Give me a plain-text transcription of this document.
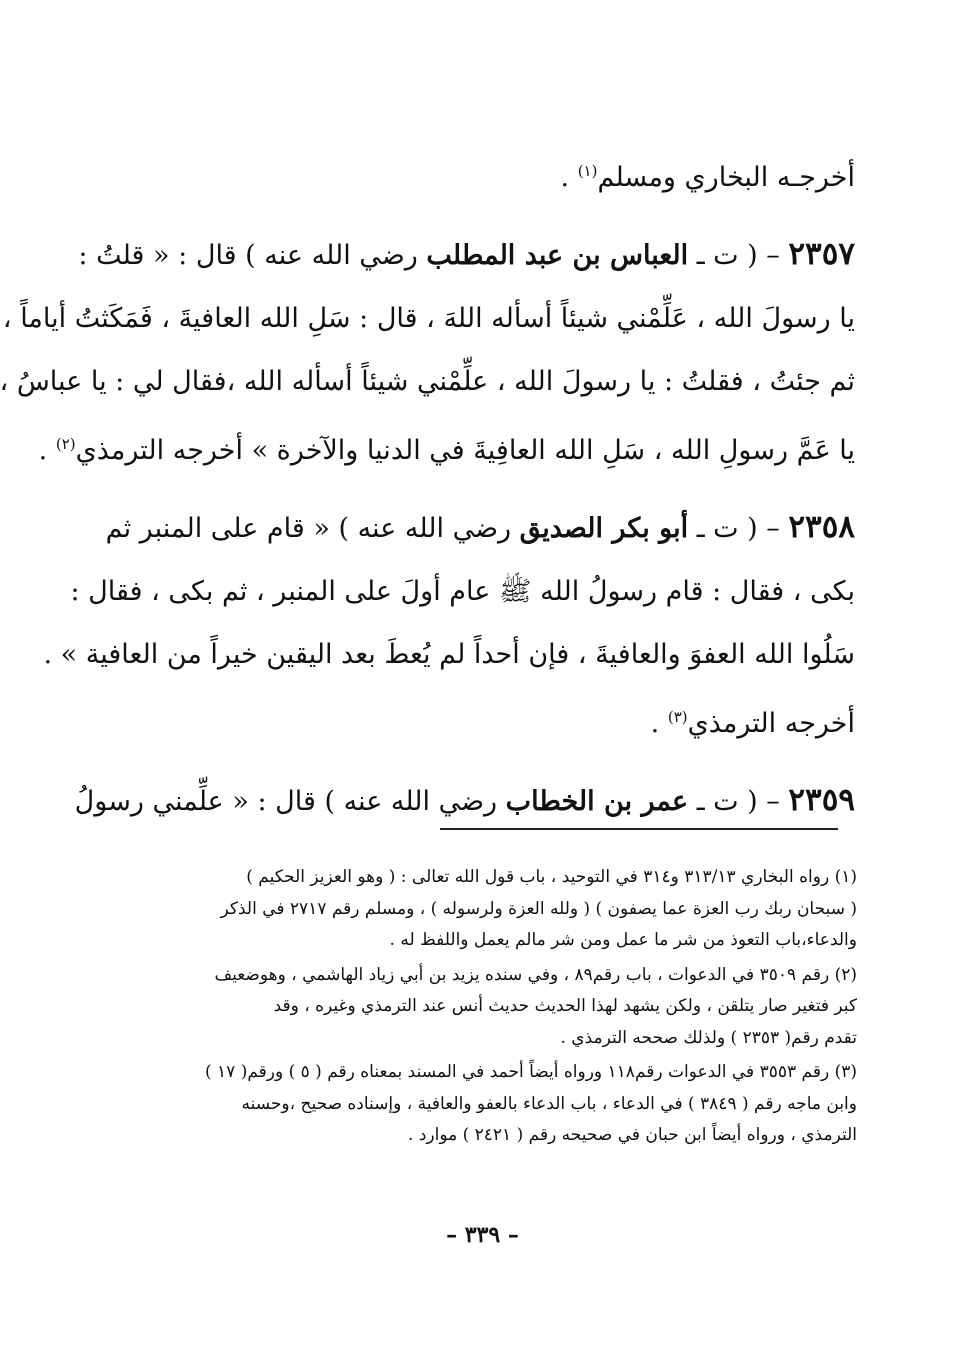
أخرجـه البخاري ومسلم$^{(١)}$ .
٢٣٥٧ – ( ت ـ العباس بن عبد المطلب رضي الله عنه ) قال : « قلتُ :
يا رسولَ الله ، عَلِّمْني شيئاً أسأله اللهَ ، قال : سَلِ الله العافيةَ ، فَمَكَثتُ أياماً ،
ثم جئتُ ، فقلتُ : يا رسولَ الله ، علِّمْني شيئاً أسأله الله ،فقال لي : يا عباسُ ،
يا عَمَّ رسولِ الله ، سَلِ الله العافِيةَ في الدنيا والآخرة » أخرجه الترمذي$^{(٢)}$ .
٢٣٥٨ – ( ت ـ أبو بكر الصديق رضي الله عنه ) « قام على المنبر ثم
بكى ، فقال : قام رسولُ الله ﷺ عام أولَ على المنبر ، ثم بكى ، فقال :
سَلُوا الله العفوَ والعافيةَ ، فإن أحداً لم يُعطَ بعد اليقين خيراً من العافية » .
أخرجه الترمذي$^{(٣)}$ .
٢٣٥٩ – ( ت ـ عمر بن الخطاب رضي الله عنه ) قال : « علِّمني رسولُ
(١) رواه البخاري ٣١٣/١٣ و٣١٤ في التوحيد ، باب قول الله تعالى : ( وهو العزيز الحكيم )
( سبحان ربك رب العزة عما يصفون ) ( ولله العزة ولرسوله ) ، ومسلم رقم ٢٧١٧ في الذكر
والدعاء،باب التعوذ من شر ما عمل ومن شر مالم يعمل واللفظ له .
(٢) رقم ٣٥٠٩ في الدعوات ، باب رقم٨٩ ، وفي سنده يزيد بن أبي زياد الهاشمي ، وهوضعيف
كبر فتغير صار يتلقن ، ولكن يشهد لهذا الحديث حديث أنس عند الترمذي وغيره ، وقد
تقدم رقم( ٢٣٥٣ ) ولذلك صححه الترمذي .
(٣) رقم ٣٥٥٣ في الدعوات رقم١١٨ ورواه أيضاً أحمد في المسند بمعناه رقم ( ٥ ) ورقم( ١٧ )
وابن ماجه رقم ( ٣٨٤٩ ) في الدعاء ، باب الدعاء بالعفو والعافية ، وإسناده صحيح ،وحسنه
الترمذي ، ورواه أيضاً ابن حبان في صحيحه رقم ( ٢٤٢١ ) موارد .
– ٣٣٩ –
